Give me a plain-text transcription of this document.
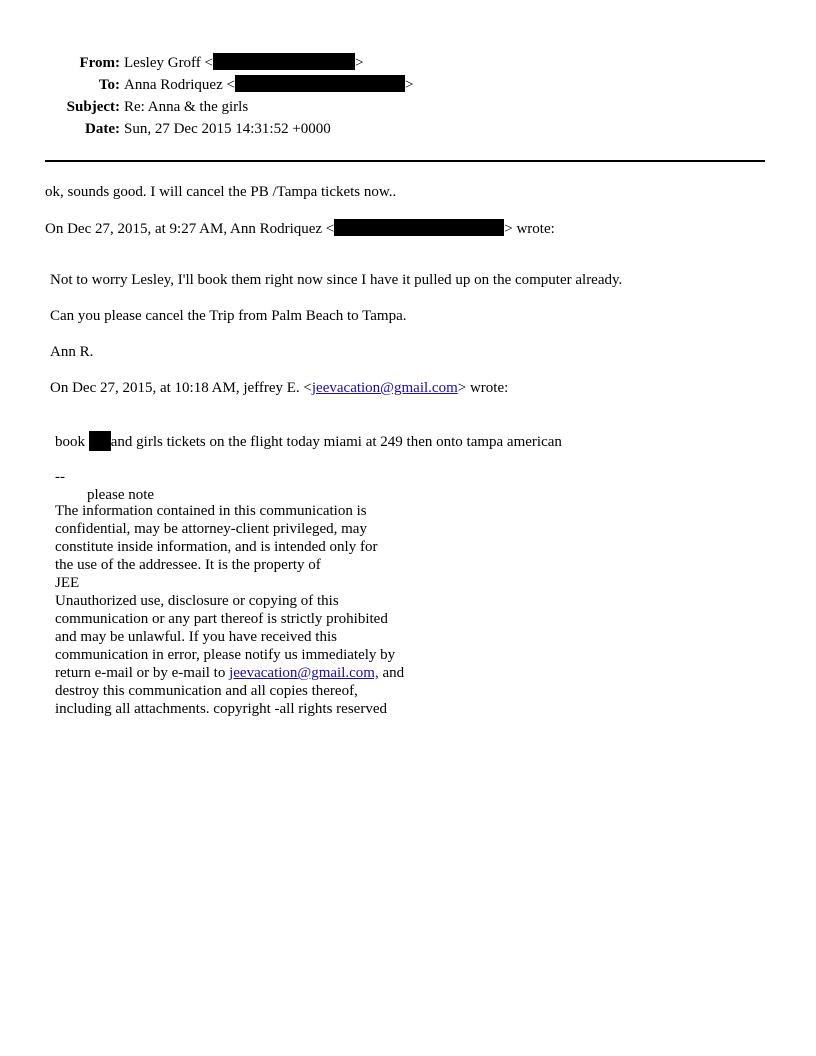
From: Lesley Groff <	>
To: Anna Rodriquez <	>
Subject: Re: Anna & the girls
Date: Sun, 27 Dec 2015 14:31:52 +0000
ok, sounds good. I will cancel the PB /Tampa tickets now..
On Dec 27, 2015, at 9:27 AM, Ann Rodriquez <	> wrote:
Not to worry Lesley, I'll book them right now since I have it pulled up on the computer already.
Can you please cancel the Trip from Palm Beach to Tampa.
Ann R.
On Dec 27, 2015, at 10:18 AM, jeffrey E. <jeevacation@gmail.com> wrote:
book and girls tickets on the flight today miami at 249 then onto tampa american
--
please note
The information contained in this communication is
confidential, may be attorney-client privileged, may
constitute inside information, and is intended only for
the use of the addressee. It is the property of
JEE
Unauthorized use, disclosure or copying of this
communication or any part thereof is strictly prohibited
and may be unlawful. If you have received this
communication in error, please notify us immediately by
return e-mail or by e-mail to jeevacation@gmail.com, and
destroy this communication and all copies thereof,
including all attachments. copyright -all rights reserved
